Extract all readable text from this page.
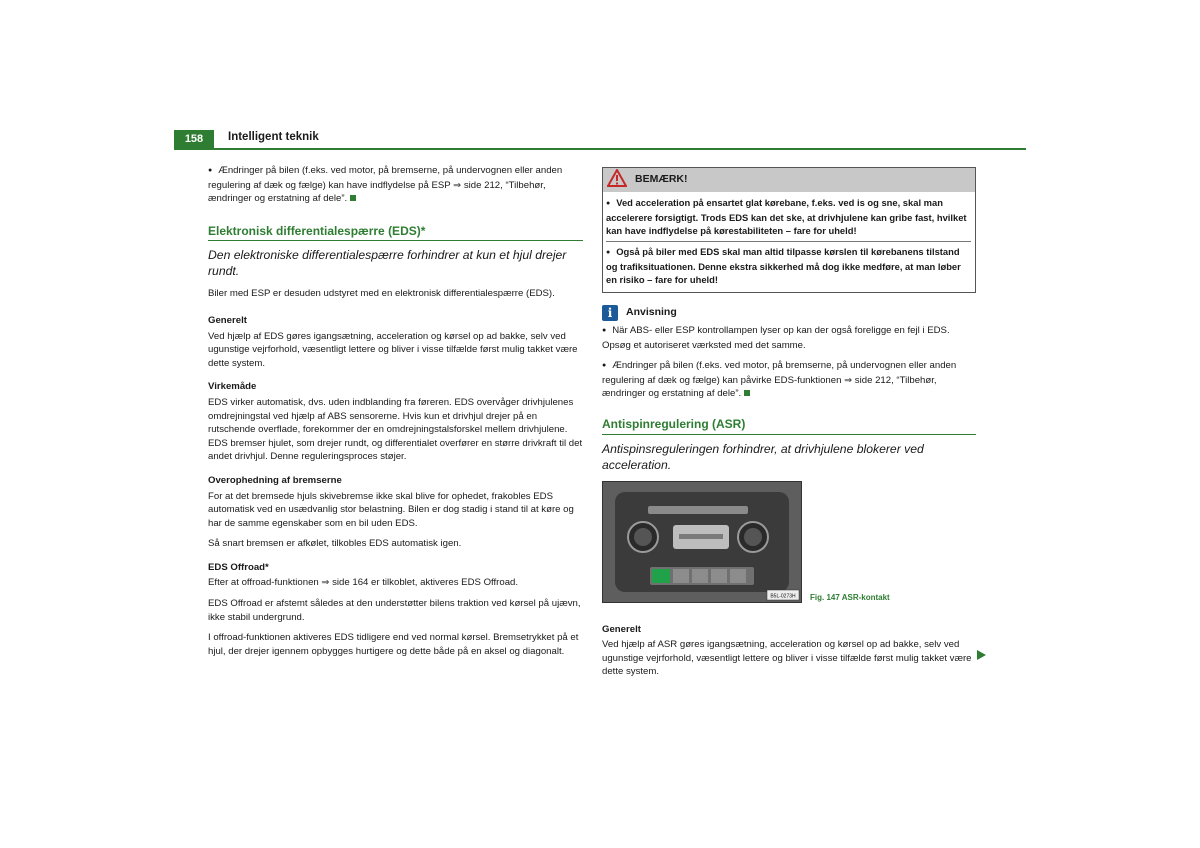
158	Intelligent teknik

● Ændringer på bilen (f.eks. ved motor, på bremserne, på undervognen eller anden regulering af dæk og fælge) kan have indflydelse på ESP ⇒ side 212, “Tilbehør, ændringer og erstatning af dele”.

Elektronisk differentialespærre (EDS)*
Den elektroniske differentialespærre forhindrer at kun et hjul drejer rundt.

Biler med ESP er desuden udstyret med en elektronisk differentialespærre (EDS).

Generelt

Ved hjælp af EDS gøres igangsætning, acceleration og kørsel op ad bakke, selv ved ugunstige vejrforhold, væsentligt lettere og bliver i visse tilfælde først mulig takket være dette system.

Virkemåde

EDS virker automatisk, dvs. uden indblanding fra føreren. EDS overvåger drivhjulenes omdrejningstal ved hjælp af ABS sensorerne. Hvis kun et drivhjul drejer på en rutschende overflade, forekommer der en omdrejningstalsforskel mellem drivhjulene. EDS bremser hjulet, som drejer rundt, og differentialet overfører en større drivkraft til det andet drivhjul. Denne reguleringsproces støjer.

Overophedning af bremserne

For at det bremsede hjuls skivebremse ikke skal blive for ophedet, frakobles EDS automatisk ved en usædvanlig stor belastning. Bilen er dog stadig i stand til at køre og har de samme egenskaber som en bil uden EDS.

Så snart bremsen er afkølet, tilkobles EDS automatisk igen.

EDS Offroad*

Efter at offroad-funktionen ⇒ side 164 er tilkoblet, aktiveres EDS Offroad.

EDS Offroad er afstemt således at den understøtter bilens traktion ved kørsel på ujævn, ikke stabil undergrund.

I offroad-funktionen aktiveres EDS tidligere end ved normal kørsel. Bremsetrykket på et hjul, der drejer igennem opbygges hurtigere og dette både på en aksel og diagonalt.

BEMÆRK!

● Ved acceleration på ensartet glat kørebane, f.eks. ved is og sne, skal man accelerere forsigtigt. Trods EDS kan det ske, at drivhjulene kan gribe fast, hvilket kan have indflydelse på kørestabiliteten – fare for uheld!

● Også på biler med EDS skal man altid tilpasse kørslen til kørebanens tilstand og trafiksituationen. Denne ekstra sikkerhed må dog ikke medføre, at man løber en risiko – fare for uheld!

i	Anvisning

● När ABS- eller ESP kontrollampen lyser op kan der også foreligge en fejl i EDS. Opsøg et autoriseret værksted med det samme.

● Ændringer på bilen (f.eks. ved motor, på bremserne, på undervognen eller anden regulering af dæk og fælge) kan påvirke EDS-funktionen ⇒ side 212, “Tilbehør, ændringer og erstatning af dele”.

Antispinregulering (ASR)
Antispinsreguleringen forhindrer, at drivhjulene blokerer ved acceleration.
B5L-0273H Fig. 147 ASR-kontakt
Generelt

Ved hjælp af ASR gøres igangsætning, acceleration og kørsel op ad bakke, selv ved ugunstige vejrforhold, væsentligt lettere og bliver i visse tilfælde først mulig takket være dette system.
